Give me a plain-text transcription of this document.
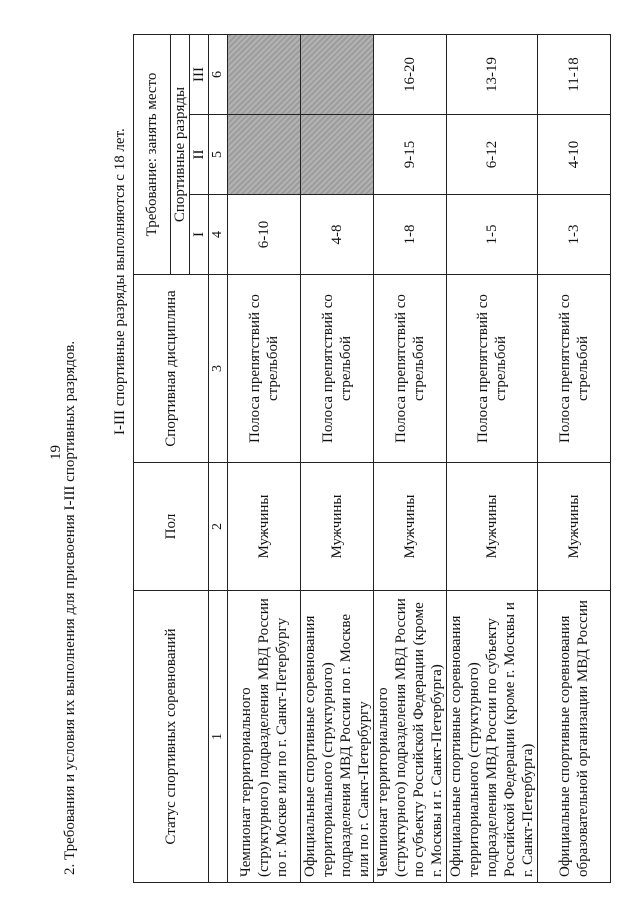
19
2. Требования и условия их выполнения для присвоения I-III спортивных разрядов.
I-III спортивные разряды выполняются с 18 лет.
Статус спортивных соревнований	Пол	Спортивная дисциплина	Требование: занять место		
			Спортивные разряды		
			I	II	III
1	2	3	4	5	6
Чемпионат территориального (структурного) подразделения МВД России по г. Москве или по г. Санкт-Петербургу	Мужчины	Полоса препятствий со стрельбой	6-10		
Официальные спортивные соревнования территориального (структурного) подразделения МВД России по г. Москве или по г. Санкт-Петербургу	Мужчины	Полоса препятствий со стрельбой	4-8		
Чемпионат территориального (структурного) подразделения МВД России по субъекту Российской Федерации (кроме г. Москвы и г. Санкт-Петербурга)	Мужчины	Полоса препятствий со стрельбой	1-8	9-15	16-20
Официальные спортивные соревнования территориального (структурного) подразделения МВД России по субъекту Российской Федерации (кроме г. Москвы и г. Санкт-Петербурга)	Мужчины	Полоса препятствий со стрельбой	1-5	6-12	13-19
Официальные спортивные соревнования образовательной организации МВД России	Мужчины	Полоса препятствий со стрельбой	1-3	4-10	11-18
